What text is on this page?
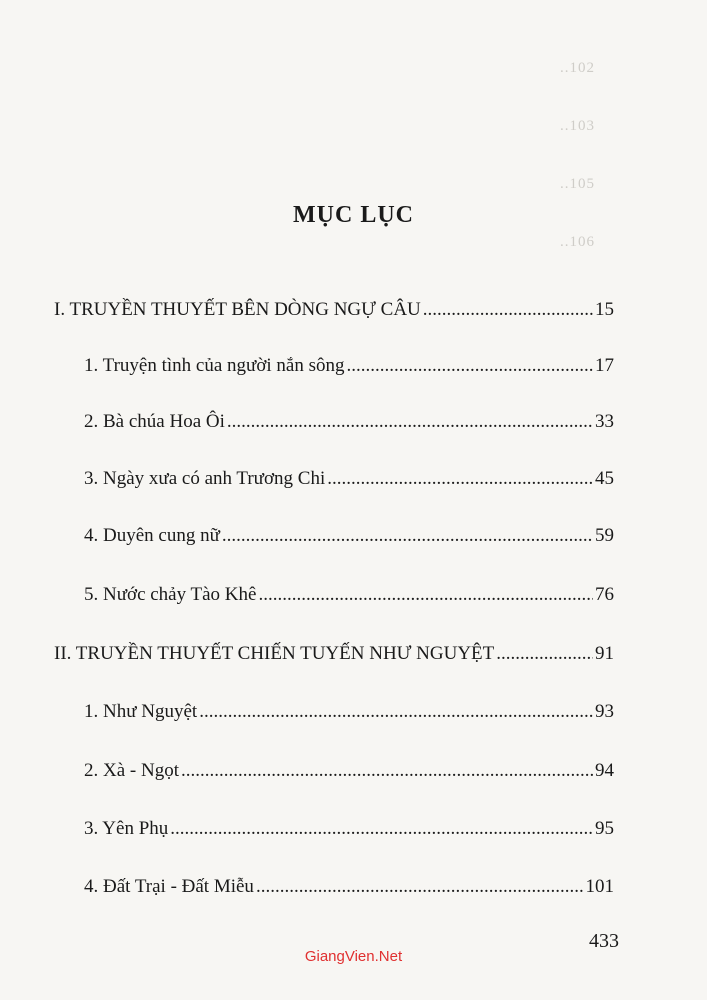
..102
..103
..105
..106
MỤC LỤC
I. TRUYỀN THUYẾT BÊN DÒNG NGỰ CÂU .....	15
1. Truyện tình của người nắn sông .....	17
2. Bà chúa Hoa Ôi .....	33
3. Ngày xưa có anh Trương Chi .....	45
4. Duyên cung nữ .....	59
5. Nước chảy Tào Khê .....	76
II. TRUYỀN THUYẾT CHIẾN TUYẾN NHƯ NGUYỆT .....	91
1. Như Nguyệt .....	93
2. Xà - Ngọt .....	94
3. Yên Phụ .....	95
4. Đất Trại - Đất Miễu .....	101
433
GiangVien.Net
